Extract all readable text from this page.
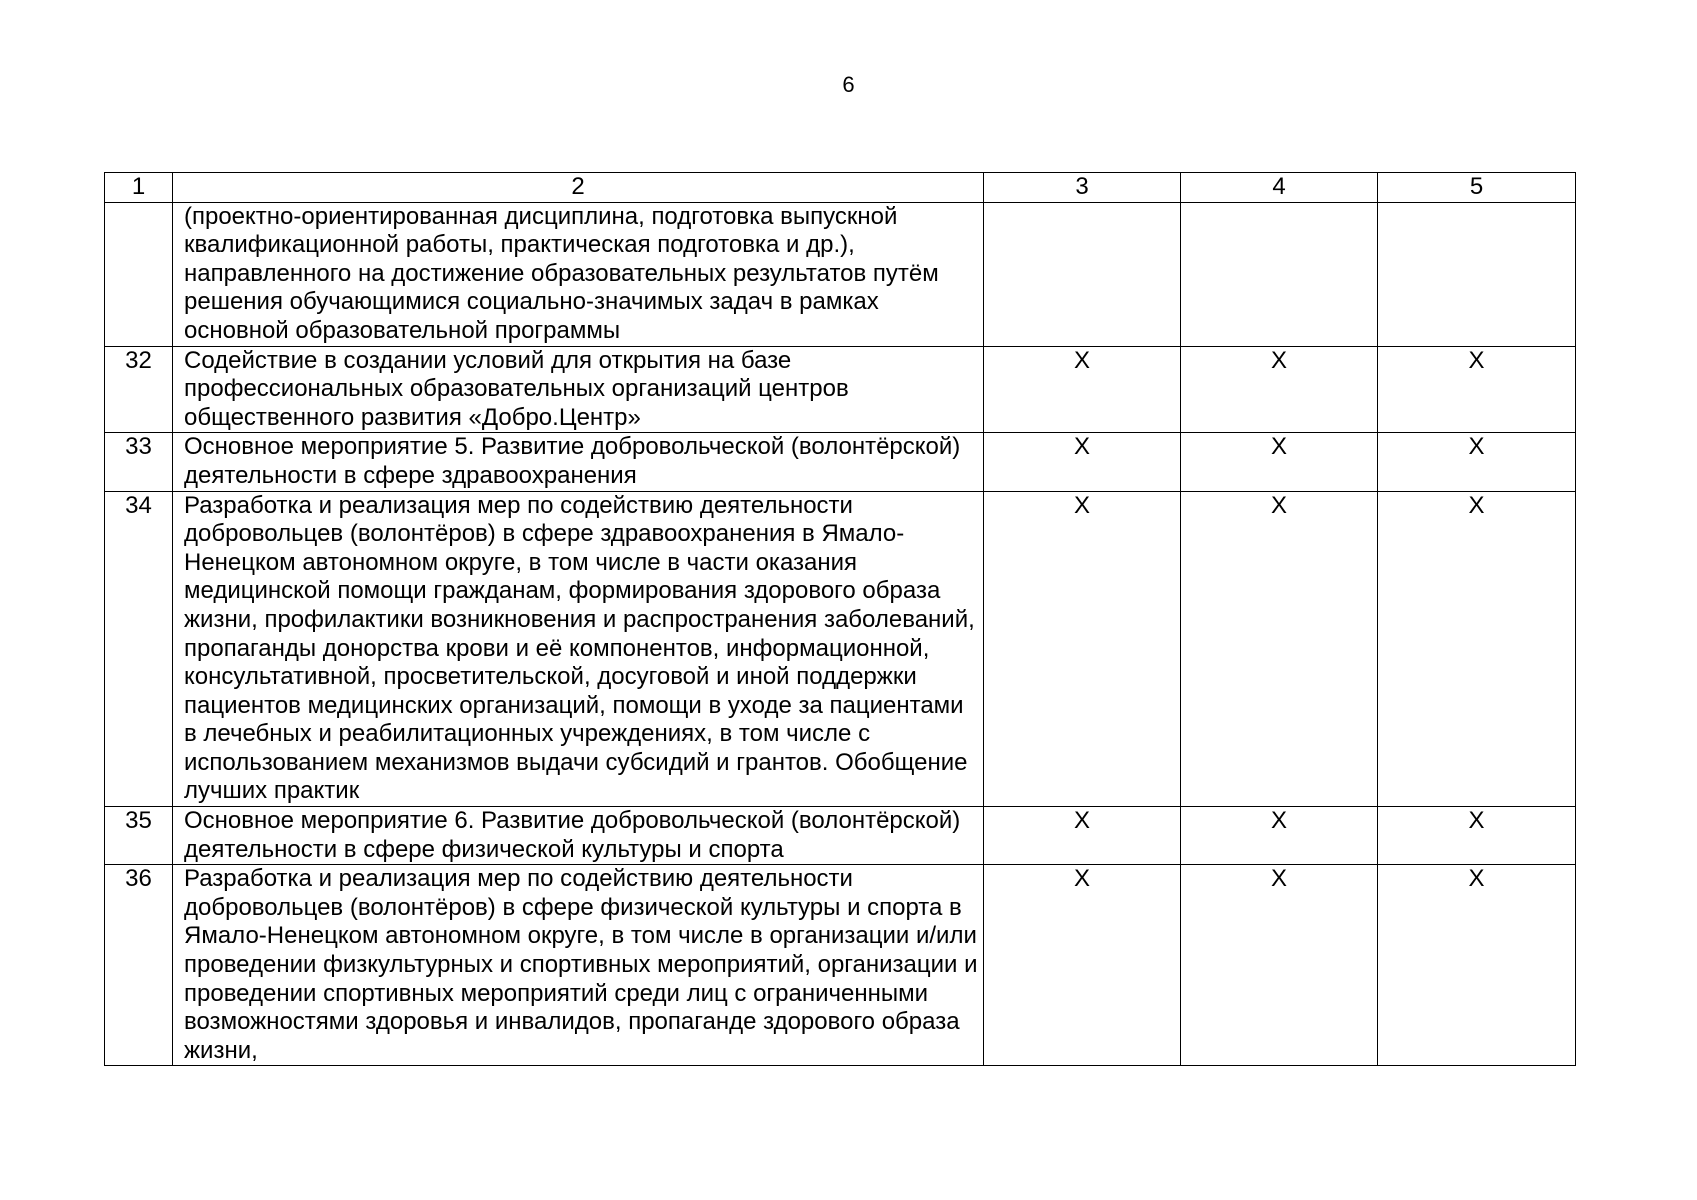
6
1	2	3	4	5
	(проектно-ориентированная дисциплина, подготовка выпускной квалификационной работы, практическая подготовка и др.), направленного на достижение образовательных результатов путём решения обучающимися социально-значимых задач в рамках основной образовательной программы			
32	Содействие в создании условий для открытия на базе профессиональных образовательных организаций центров общественного развития «Добро.Центр»	Х	Х	Х
33	Основное мероприятие 5. Развитие добровольческой (волонтёрской) деятельности в сфере здравоохранения	Х	Х	Х
34	Разработка и реализация мер по содействию деятельности добровольцев (волонтёров) в сфере здравоохранения в Ямало-Ненецком автономном округе, в том числе в части оказания медицинской помощи гражданам, формирования здорового образа жизни, профилактики возникновения и распространения заболеваний, пропаганды донорства крови и её компонентов, информационной, консультативной, просветительской, досуговой и иной поддержки пациентов медицинских организаций, помощи в уходе за пациентами в лечебных и реабилитационных учреждениях, в том числе с использованием механизмов выдачи субсидий и грантов. Обобщение лучших практик	Х	Х	Х
35	Основное мероприятие 6. Развитие добровольческой (волонтёрской) деятельности в сфере физической культуры и спорта	Х	Х	Х
36	Разработка и реализация мер по содействию деятельности добровольцев (волонтёров) в сфере физической культуры и спорта в Ямало-Ненецком автономном округе, в том числе в организации и/или проведении физкультурных и спортивных мероприятий, организации и проведении спортивных мероприятий среди лиц с ограниченными возможностями здоровья и инвалидов, пропаганде здорового образа жизни,	Х	Х	Х
